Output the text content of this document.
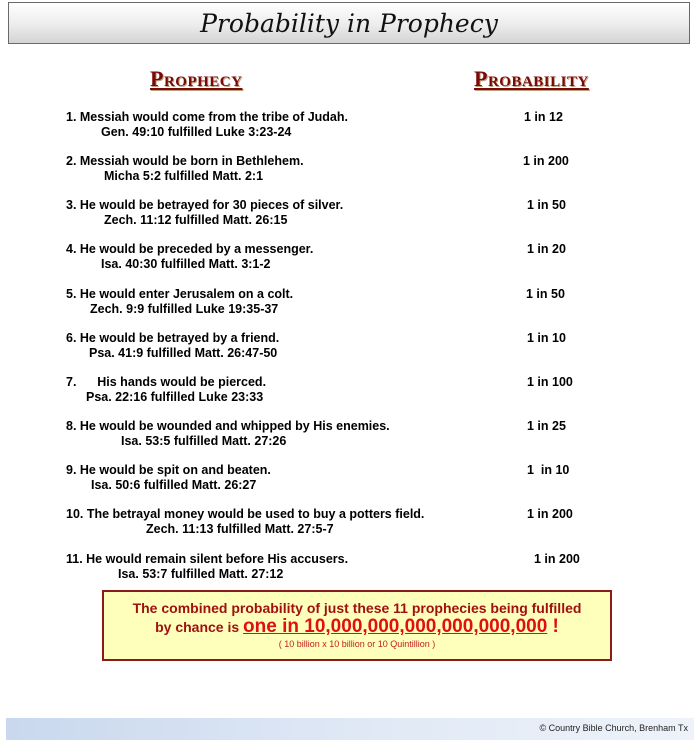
Probability in Prophecy
Prophecy	Probability
1. Messiah would come from the tribe of Judah.
Gen. 49:10 fulfilled Luke 3:23-24
1 in 12
2. Messiah would be born in Bethlehem.
Micha 5:2 fulfilled Matt. 2:1
1 in 200
3. He would be betrayed for 30 pieces of silver.
Zech. 11:12 fulfilled Matt. 26:15
1 in 50
4. He would be preceded by a messenger.
Isa. 40:30 fulfilled Matt. 3:1-2
1 in 20
5. He would enter Jerusalem on a colt.
Zech. 9:9 fulfilled Luke 19:35-37
1 in 50
6. He would be betrayed by a friend.
Psa. 41:9 fulfilled Matt. 26:47-50
1 in 10
7.      His hands would be pierced.
Psa. 22:16 fulfilled Luke 23:33
1 in 100
8. He would be wounded and whipped by His enemies.
Isa. 53:5 fulfilled Matt. 27:26
1 in 25
9. He would be spit on and beaten.
Isa. 50:6 fulfilled Matt. 26:27
1  in 10
10. The betrayal money would be used to buy a potters field.
Zech. 11:13 fulfilled Matt. 27:5-7
1 in 200
11. He would remain silent before His accusers.
Isa. 53:7 fulfilled Matt. 27:12
1 in 200
The combined probability of just these 11 prophecies being fulfilled
by chance is one in 10,000,000,000,000,000,000 !
( 10 billion x 10 billion or 10 Quintillion )
© Country Bible Church, Brenham Tx
